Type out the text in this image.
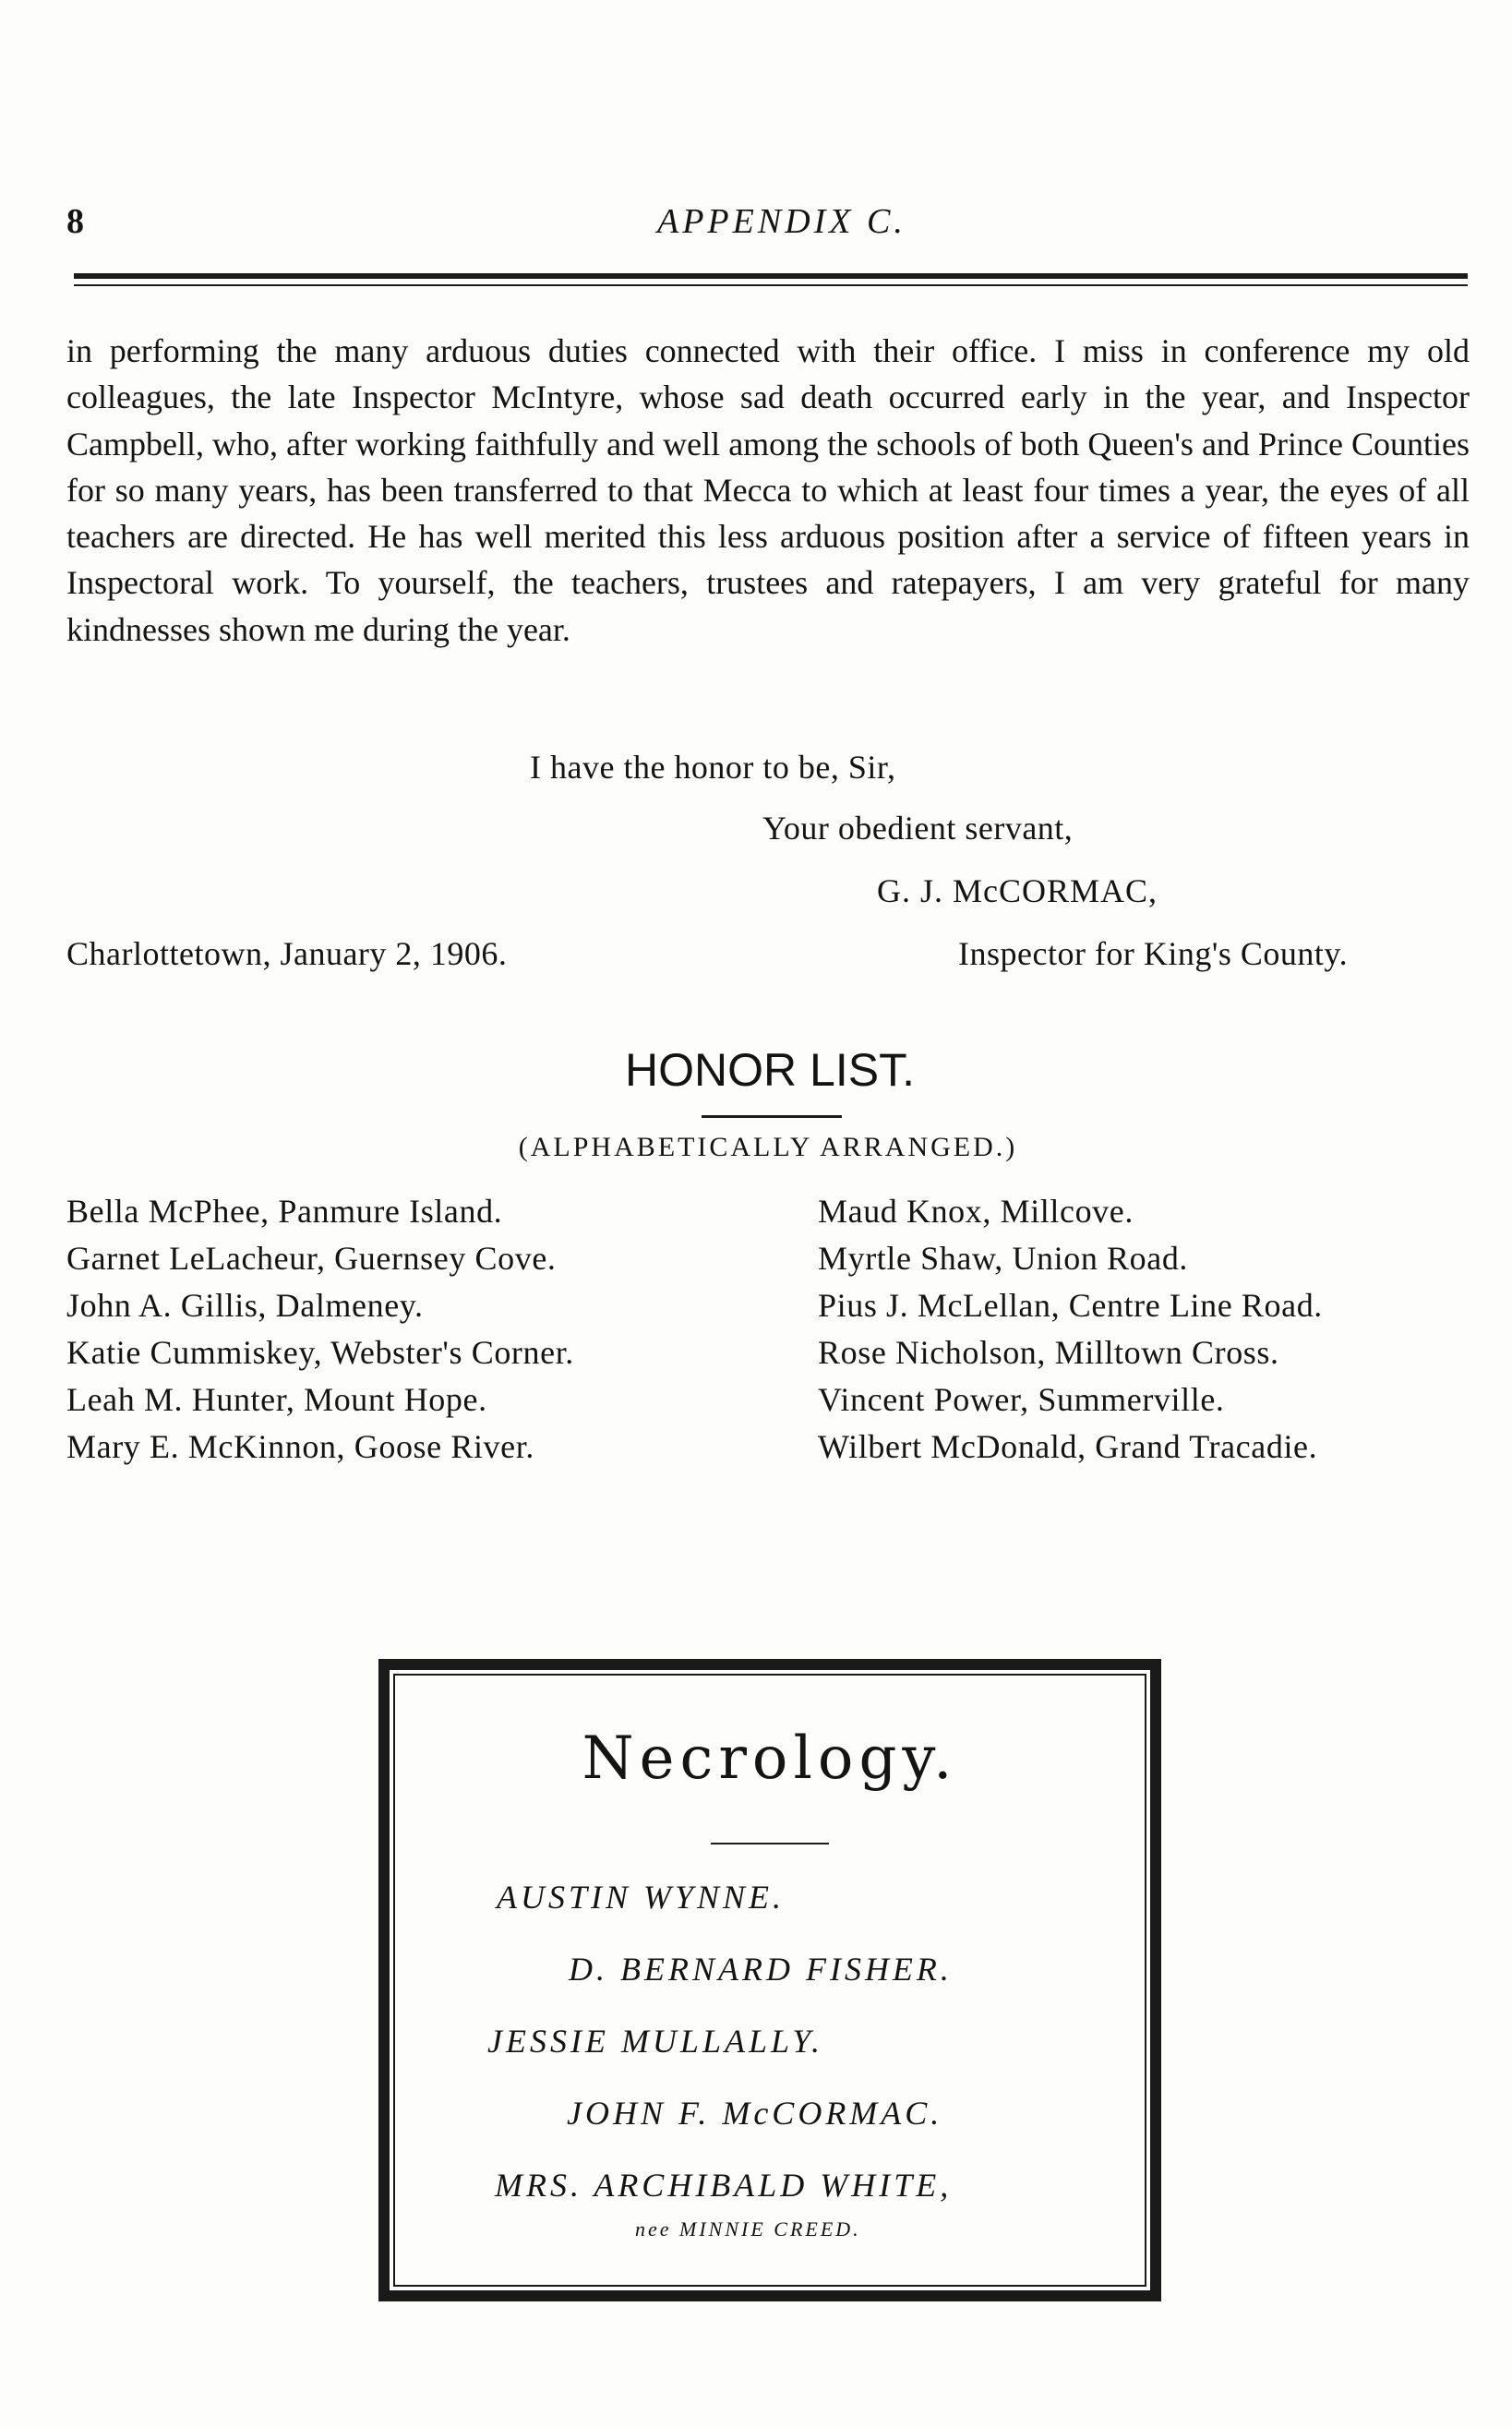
8	APPENDIX C.
in performing the many arduous duties connected with their office. I miss in conference my old colleagues, the late Inspector McIntyre, whose sad death occurred early in the year, and Inspector Campbell, who, after working faithfully and well among the schools of both Queen's and Prince Counties for so many years, has been transferred to that Mecca to which at least four times a year, the eyes of all teachers are directed. He has well merited this less arduous position after a service of fifteen years in Inspectoral work. To yourself, the teachers, trustees and ratepayers, I am very grateful for many kindnesses shown me during the year.
I have the honor to be, Sir,
Your obedient servant,
G. J. McCORMAC,
Charlottetown, January 2, 1906.	Inspector for King's County.
HONOR LIST.
(ALPHABETICALLY ARRANGED.)
Bella McPhee, Panmure Island.
Garnet LeLacheur, Guernsey Cove.
John A. Gillis, Dalmeney.
Katie Cummiskey, Webster's Corner.
Leah M. Hunter, Mount Hope.
Mary E. McKinnon, Goose River.
Maud Knox, Millcove.
Myrtle Shaw, Union Road.
Pius J. McLellan, Centre Line Road.
Rose Nicholson, Milltown Cross.
Vincent Power, Summerville.
Wilbert McDonald, Grand Tracadie.
Necrology.
AUSTIN WYNNE.
D. BERNARD FISHER.
JESSIE MULLALLY.
JOHN F. McCORMAC.
MRS. ARCHIBALD WHITE,
nee MINNIE CREED.
